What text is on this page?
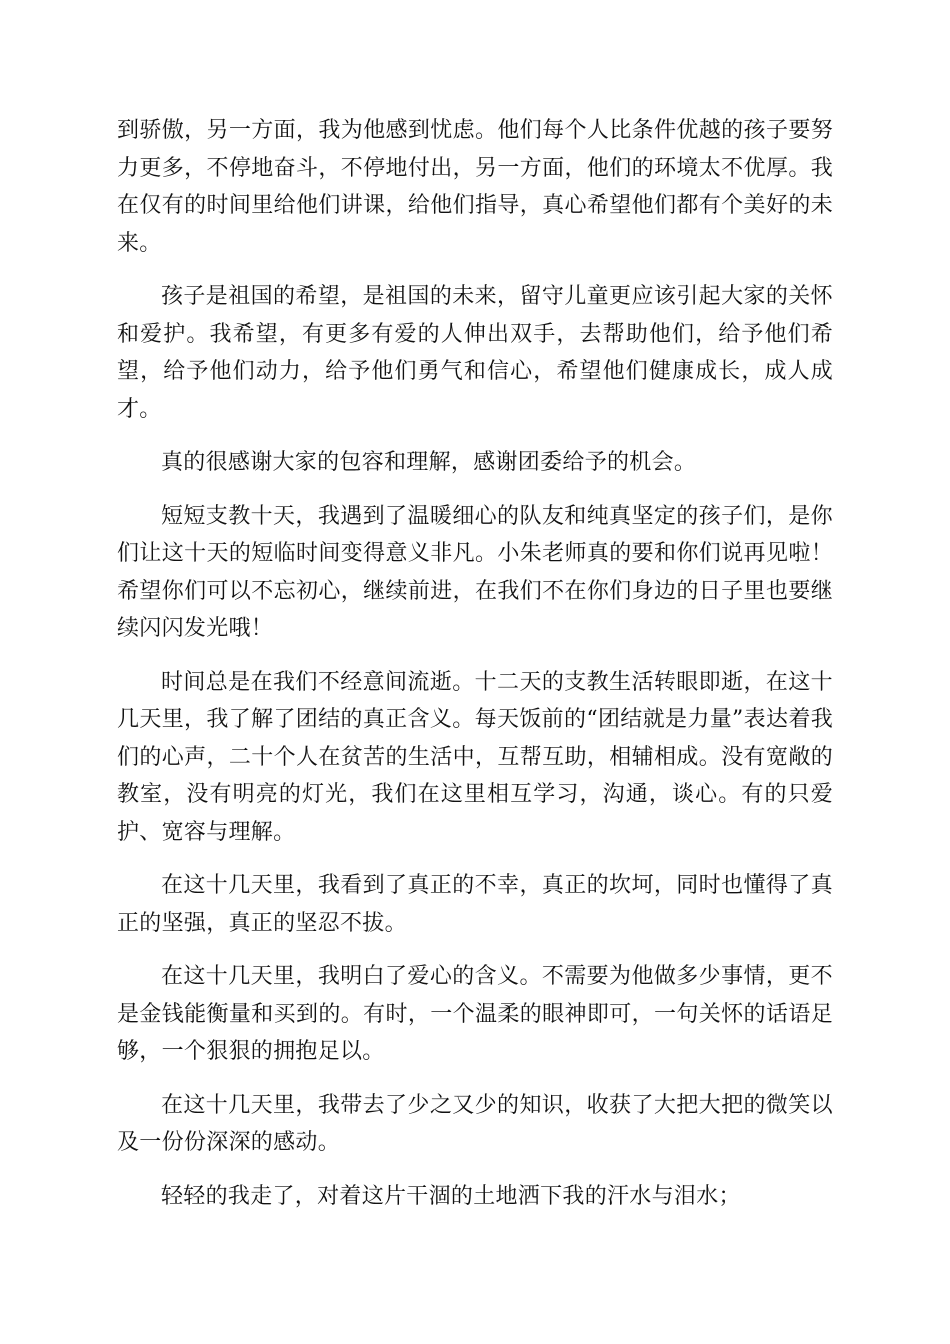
到骄傲，另一方面，我为他感到忧虑。他们每个人比条件优越的孩子要努力更多，不停地奋斗，不停地付出，另一方面，他们的环境太不优厚。我在仅有的时间里给他们讲课，给他们指导，真心希望他们都有个美好的未来。

孩子是祖国的希望，是祖国的未来，留守儿童更应该引起大家的关怀和爱护。我希望，有更多有爱的人伸出双手，去帮助他们，给予他们希望，给予他们动力，给予他们勇气和信心，希望他们健康成长，成人成才。

真的很感谢大家的包容和理解，感谢团委给予的机会。

短短支教十天，我遇到了温暖细心的队友和纯真坚定的孩子们，是你们让这十天的短临时间变得意义非凡。小朱老师真的要和你们说再见啦！希望你们可以不忘初心，继续前进，在我们不在你们身边的日子里也要继续闪闪发光哦！

时间总是在我们不经意间流逝。十二天的支教生活转眼即逝，在这十几天里，我了解了团结的真正含义。每天饭前的“团结就是力量”表达着我们的心声，二十个人在贫苦的生活中，互帮互助，相辅相成。没有宽敞的教室，没有明亮的灯光，我们在这里相互学习，沟通，谈心。有的只爱护、宽容与理解。

在这十几天里，我看到了真正的不幸，真正的坎坷，同时也懂得了真正的坚强，真正的坚忍不拔。

在这十几天里，我明白了爱心的含义。不需要为他做多少事情，更不是金钱能衡量和买到的。有时，一个温柔的眼神即可，一句关怀的话语足够，一个狠狠的拥抱足以。

在这十几天里，我带去了少之又少的知识，收获了大把大把的微笑以及一份份深深的感动。

轻轻的我走了，对着这片干涸的土地洒下我的汗水与泪水；
